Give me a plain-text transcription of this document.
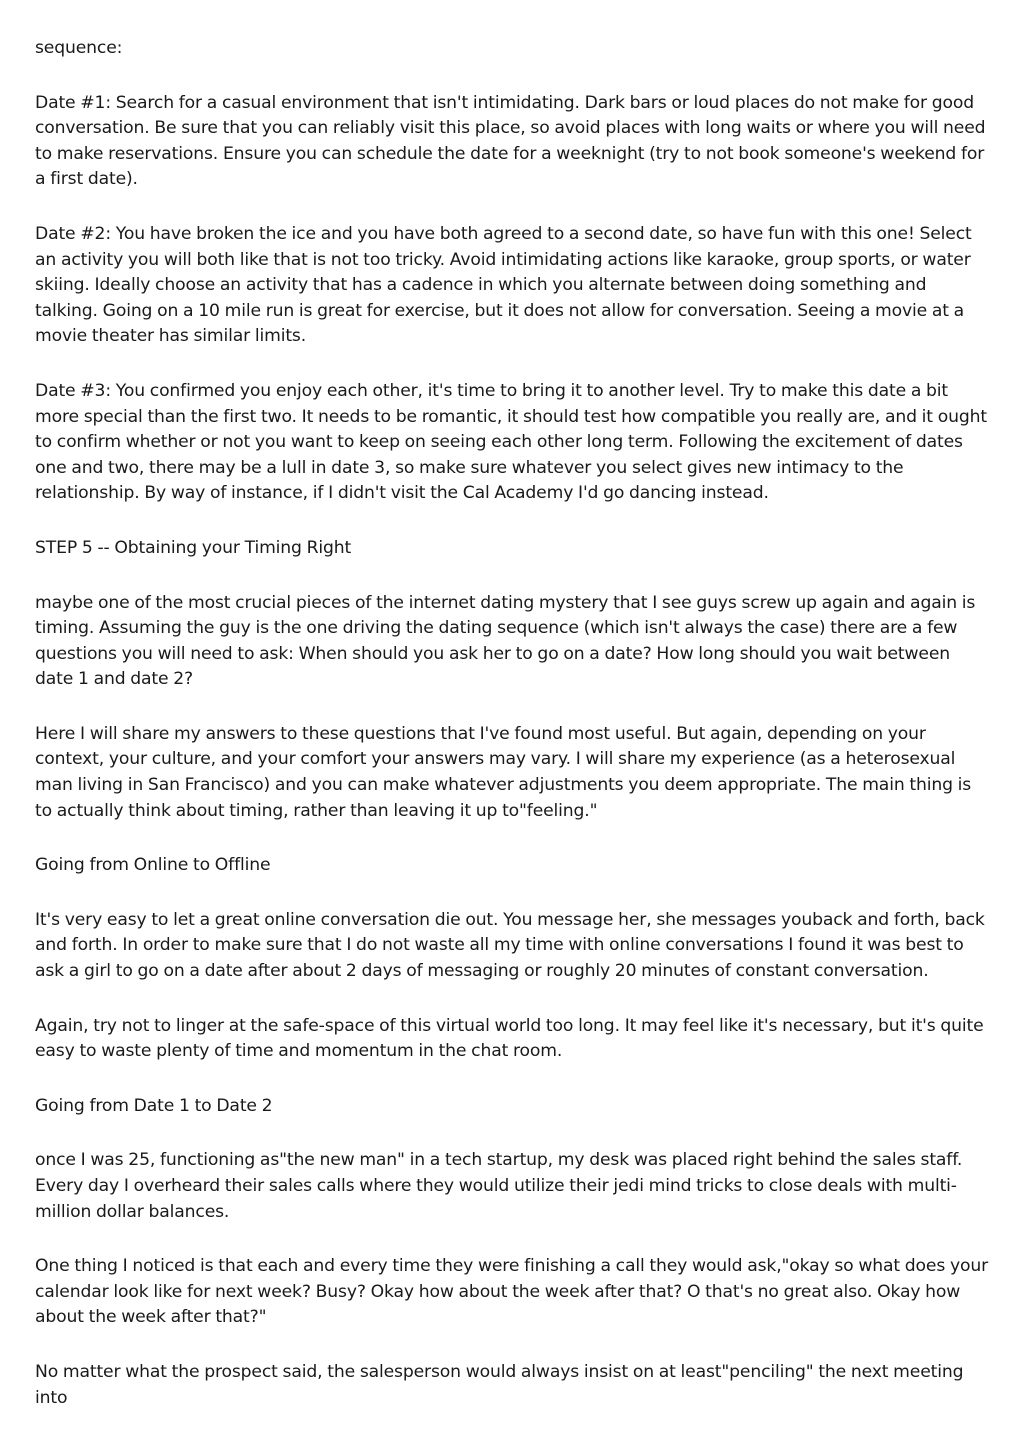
sequence:

Date #1: Search for a casual environment that isn't intimidating. Dark bars or loud places do not make for good conversation. Be sure that you can reliably visit this place, so avoid places with long waits or where you will need to make reservations. Ensure you can schedule the date for a weeknight (try to not book someone's weekend for a first date).

Date #2: You have broken the ice and you have both agreed to a second date, so have fun with this one! Select an activity you will both like that is not too tricky. Avoid intimidating actions like karaoke, group sports, or water skiing. Ideally choose an activity that has a cadence in which you alternate between doing something and talking. Going on a 10 mile run is great for exercise, but it does not allow for conversation. Seeing a movie at a movie theater has similar limits.

Date #3: You confirmed you enjoy each other, it's time to bring it to another level. Try to make this date a bit more special than the first two. It needs to be romantic, it should test how compatible you really are, and it ought to confirm whether or not you want to keep on seeing each other long term. Following the excitement of dates one and two, there may be a lull in date 3, so make sure whatever you select gives new intimacy to the relationship. By way of instance, if I didn't visit the Cal Academy I'd go dancing instead.

STEP 5 -- Obtaining your Timing Right

maybe one of the most crucial pieces of the internet dating mystery that I see guys screw up again and again is timing. Assuming the guy is the one driving the dating sequence (which isn't always the case) there are a few questions you will need to ask: When should you ask her to go on a date? How long should you wait between date 1 and date 2?

Here I will share my answers to these questions that I've found most useful. But again, depending on your context, your culture, and your comfort your answers may vary. I will share my experience (as a heterosexual man living in San Francisco) and you can make whatever adjustments you deem appropriate. The main thing is to actually think about timing, rather than leaving it up to"feeling."

Going from Online to Offline

It's very easy to let a great online conversation die out. You message her, she messages youback and forth, back and forth. In order to make sure that I do not waste all my time with online conversations I found it was best to ask a girl to go on a date after about 2 days of messaging or roughly 20 minutes of constant conversation.

Again, try not to linger at the safe-space of this virtual world too long. It may feel like it's necessary, but it's quite easy to waste plenty of time and momentum in the chat room.

Going from Date 1 to Date 2

once I was 25, functioning as"the new man" in a tech startup, my desk was placed right behind the sales staff. Every day I overheard their sales calls where they would utilize their jedi mind tricks to close deals with multi-million dollar balances.

One thing I noticed is that each and every time they were finishing a call they would ask,"okay so what does your calendar look like for next week? Busy? Okay how about the week after that? O that's no great also. Okay how about the week after that?"

No matter what the prospect said, the salesperson would always insist on at least"penciling" the next meeting into
